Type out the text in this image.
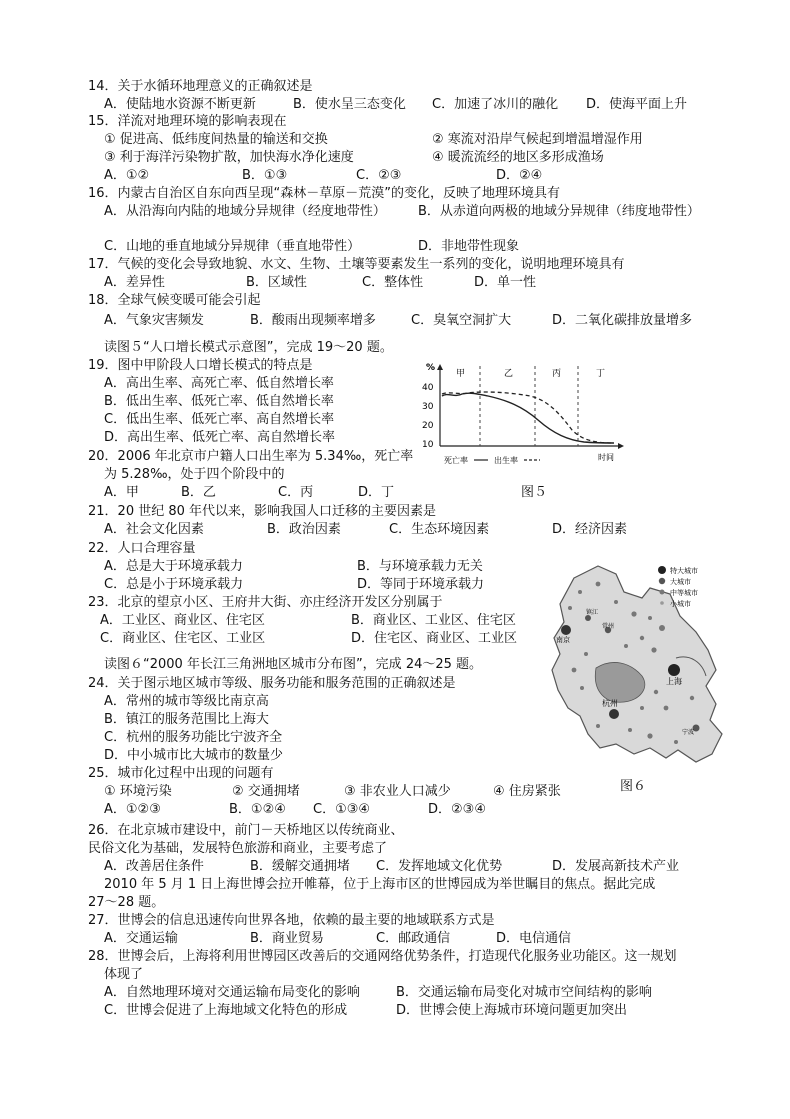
14．关于水循环地理意义的正确叙述是
A．使陆地水资源不断更新	B．使水呈三态变化 C．加速了冰川的融化 D．使海平面上升
15．洋流对地理环境的影响表现在
① 促进高、低纬度间热量的输送和交换	② 寒流对沿岸气候起到增温增湿作用
③ 利于海洋污染物扩散，加快海水净化速度	④ 暖流流经的地区多形成渔场
A．①②	B．①③	C．②③	D．②④
16．内蒙古自治区自东向西呈现“森林－草原－荒漠”的变化，反映了地理环境具有
A．从沿海向内陆的地域分异规律（经度地带性） B．从赤道向两极的地域分异规律（纬度地带性）
C．山地的垂直地域分异规律（垂直地带性）	D．非地带性现象
17．气候的变化会导致地貌、水文、生物、土壤等要素发生一系列的变化，说明地理环境具有
A．差异性	B．区域性	C．整体性	D．单一性
18．全球气候变暖可能会引起
A．气象灾害频发	B．酸雨出现频率增多	C．臭氧空洞扩大	D．二氧化碳排放量增多
读图５“人口增长模式示意图”，完成 19～20 题。
19．图中甲阶段人口增长模式的特点是
A．高出生率、高死亡率、低自然增长率
B．低出生率、低死亡率、低自然增长率
C．低出生率、低死亡率、高自然增长率
D．高出生率、低死亡率、高自然增长率
20．2006 年北京市户籍人口出生率为 5.34‰，死亡率
为 5.28‰，处于四个阶段中的
A．甲	B．乙	C．丙	D．丁
%
40
30
20
10
甲	乙	丙	丁
死亡率	出生率	时间
图５
21．20 世纪 80 年代以来，影响我国人口迁移的主要因素是
A．社会文化因素	B．政治因素	C．生态环境因素	D．经济因素
22．人口合理容量
A．总是大于环境承载力	B．与环境承载力无关
C．总是小于环境承载力	D．等同于环境承载力
23．北京的望京小区、王府井大街、亦庄经济开发区分别属于
A．工业区、商业区、住宅区	B．商业区、工业区、住宅区
C．商业区、住宅区、工业区	D．住宅区、商业区、工业区
读图６“2000 年长江三角洲地区城市分布图”，完成 24～25 题。
24．关于图示地区城市等级、服务功能和服务范围的正确叙述是
A．常州的城市等级比南京高
B．镇江的服务范围比上海大
C．杭州的服务功能比宁波齐全
D．中小城市比大城市的数量少
25．城市化过程中出现的问题有
① 环境污染	② 交通拥堵	③ 非农业人口减少	④ 住房紧张
A．①②③	B．①②④ C．①③④	D．②③④
特大城市
大城市
中等城市
小城市
南京
镇江
常州
上海
杭州
宁波
图６
26．在北京城市建设中，前门－天桥地区以传统商业、
民俗文化为基础，发展特色旅游和商业，主要考虑了
A．改善居住条件	B．缓解交通拥堵 C．发挥地域文化优势	D．发展高新技术产业
2010 年 5 月 1 日上海世博会拉开帷幕，位于上海市区的世博园成为举世瞩目的焦点。据此完成
27～28 题。
27．世博会的信息迅速传向世界各地，依赖的最主要的地域联系方式是
A．交通运输	B．商业贸易	C．邮政通信	D．电信通信
28．世博会后，上海将利用世博园区改善后的交通网络优势条件，打造现代化服务业功能区。这一规划
体现了
A．自然地理环境对交通运输布局变化的影响	B．交通运输布局变化对城市空间结构的影响
C．世博会促进了上海地域文化特色的形成	D．世博会使上海城市环境问题更加突出
